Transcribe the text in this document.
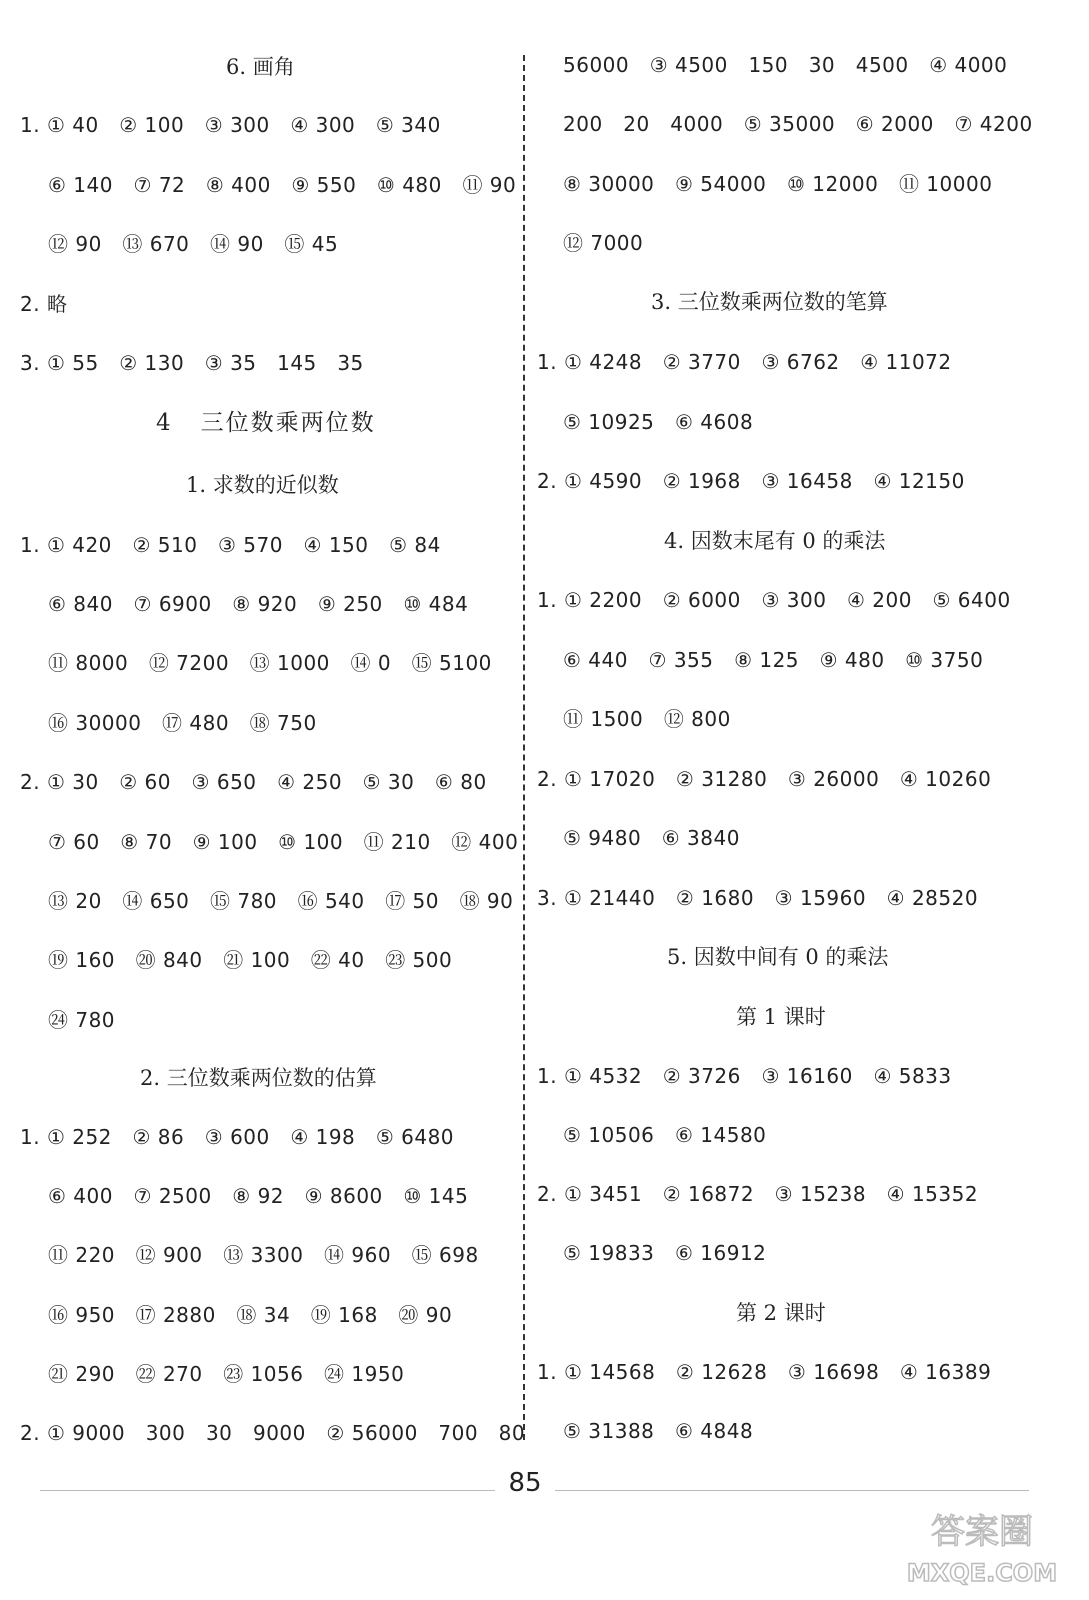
6. 画角
1. ① 40   ② 100   ③ 300   ④ 300   ⑤ 340
⑥ 140   ⑦ 72   ⑧ 400   ⑨ 550   ⑩ 480   ⑪ 90
⑫ 90   ⑬ 670   ⑭ 90   ⑮ 45
2. 略
3. ① 55   ② 130   ③ 35   145   35
4   三位数乘两位数
1. 求数的近似数
1. ① 420   ② 510   ③ 570   ④ 150   ⑤ 84
⑥ 840   ⑦ 6900   ⑧ 920   ⑨ 250   ⑩ 484
⑪ 8000   ⑫ 7200   ⑬ 1000   ⑭ 0   ⑮ 5100
⑯ 30000   ⑰ 480   ⑱ 750
2. ① 30   ② 60   ③ 650   ④ 250   ⑤ 30   ⑥ 80
⑦ 60   ⑧ 70   ⑨ 100   ⑩ 100   ⑪ 210   ⑫ 400
⑬ 20   ⑭ 650   ⑮ 780   ⑯ 540   ⑰ 50   ⑱ 90
⑲ 160   ⑳ 840   ㉑ 100   ㉒ 40   ㉓ 500
㉔ 780
2. 三位数乘两位数的估算
1. ① 252   ② 86   ③ 600   ④ 198   ⑤ 6480
⑥ 400   ⑦ 2500   ⑧ 92   ⑨ 8600   ⑩ 145
⑪ 220   ⑫ 900   ⑬ 3300   ⑭ 960   ⑮ 698
⑯ 950   ⑰ 2880   ⑱ 34   ⑲ 168   ⑳ 90
㉑ 290   ㉒ 270   ㉓ 1056   ㉔ 1950
2. ① 9000   300   30   9000   ② 56000   700   80
56000   ③ 4500   150   30   4500   ④ 4000
200   20   4000   ⑤ 35000   ⑥ 2000   ⑦ 4200
⑧ 30000   ⑨ 54000   ⑩ 12000   ⑪ 10000
⑫ 7000
3. 三位数乘两位数的笔算
1. ① 4248   ② 3770   ③ 6762   ④ 11072
⑤ 10925   ⑥ 4608
2. ① 4590   ② 1968   ③ 16458   ④ 12150
4. 因数末尾有 0 的乘法
1. ① 2200   ② 6000   ③ 300   ④ 200   ⑤ 6400
⑥ 440   ⑦ 355   ⑧ 125   ⑨ 480   ⑩ 3750
⑪ 1500   ⑫ 800
2. ① 17020   ② 31280   ③ 26000   ④ 10260
⑤ 9480   ⑥ 3840
3. ① 21440   ② 1680   ③ 15960   ④ 28520
5. 因数中间有 0 的乘法
第 1 课时
1. ① 4532   ② 3726   ③ 16160   ④ 5833
⑤ 10506   ⑥ 14580
2. ① 3451   ② 16872   ③ 15238   ④ 15352
⑤ 19833   ⑥ 16912
第 2 课时
1. ① 14568   ② 12628   ③ 16698   ④ 16389
⑤ 31388   ⑥ 4848
85
答案圈
MXQE.COM
